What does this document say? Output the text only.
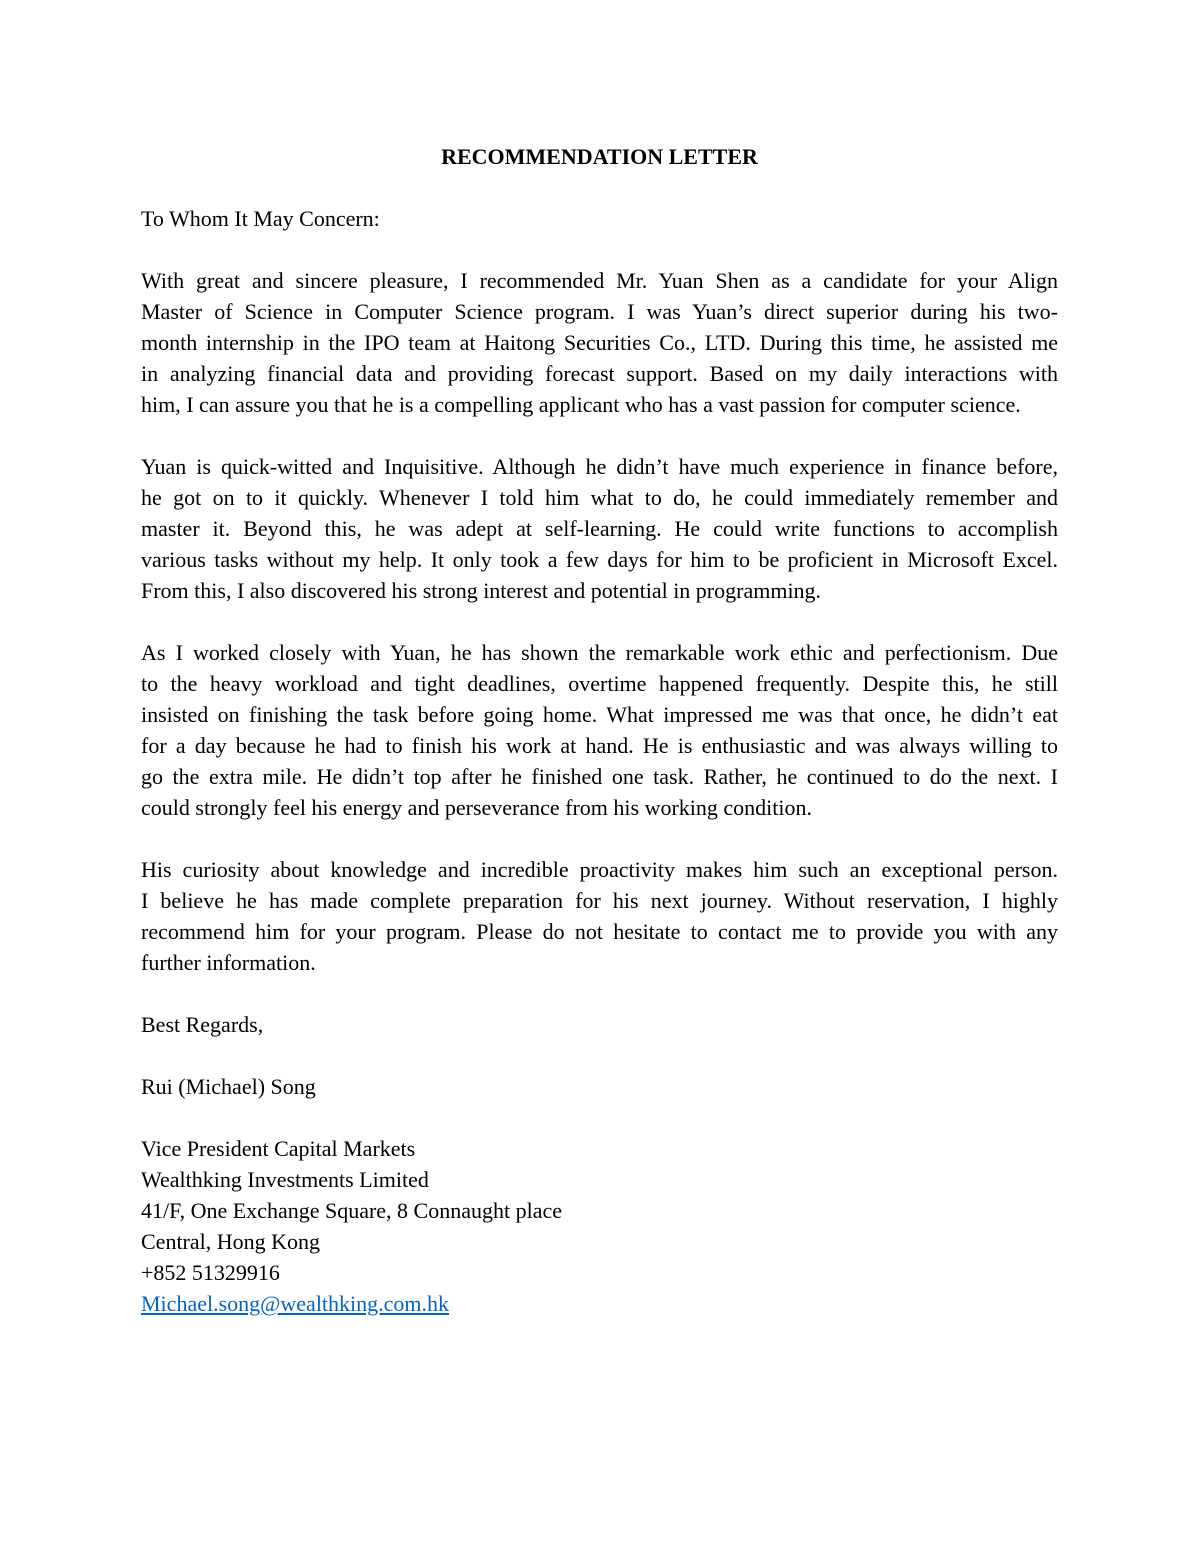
RECOMMENDATION LETTER
To Whom It May Concern:
With great and sincere pleasure, I recommended Mr. Yuan Shen as a candidate for your Align
Master of Science in Computer Science program. I was Yuan’s direct superior during his two-
month internship in the IPO team at Haitong Securities Co., LTD. During this time, he assisted me
in analyzing financial data and providing forecast support. Based on my daily interactions with
him, I can assure you that he is a compelling applicant who has a vast passion for computer science.
Yuan is quick-witted and Inquisitive. Although he didn’t have much experience in finance before,
he got on to it quickly. Whenever I told him what to do, he could immediately remember and
master it. Beyond this, he was adept at self-learning. He could write functions to accomplish
various tasks without my help. It only took a few days for him to be proficient in Microsoft Excel.
From this, I also discovered his strong interest and potential in programming.
As I worked closely with Yuan, he has shown the remarkable work ethic and perfectionism. Due
to the heavy workload and tight deadlines, overtime happened frequently. Despite this, he still
insisted on finishing the task before going home. What impressed me was that once, he didn’t eat
for a day because he had to finish his work at hand. He is enthusiastic and was always willing to
go the extra mile. He didn’t top after he finished one task. Rather, he continued to do the next. I
could strongly feel his energy and perseverance from his working condition.
His curiosity about knowledge and incredible proactivity makes him such an exceptional person.
I believe he has made complete preparation for his next journey. Without reservation, I highly
recommend him for your program. Please do not hesitate to contact me to provide you with any
further information.
Best Regards,
Rui (Michael) Song
Vice President Capital Markets
Wealthking Investments Limited
41/F, One Exchange Square, 8 Connaught place
Central, Hong Kong
+852 51329916
Michael.song@wealthking.com.hk
